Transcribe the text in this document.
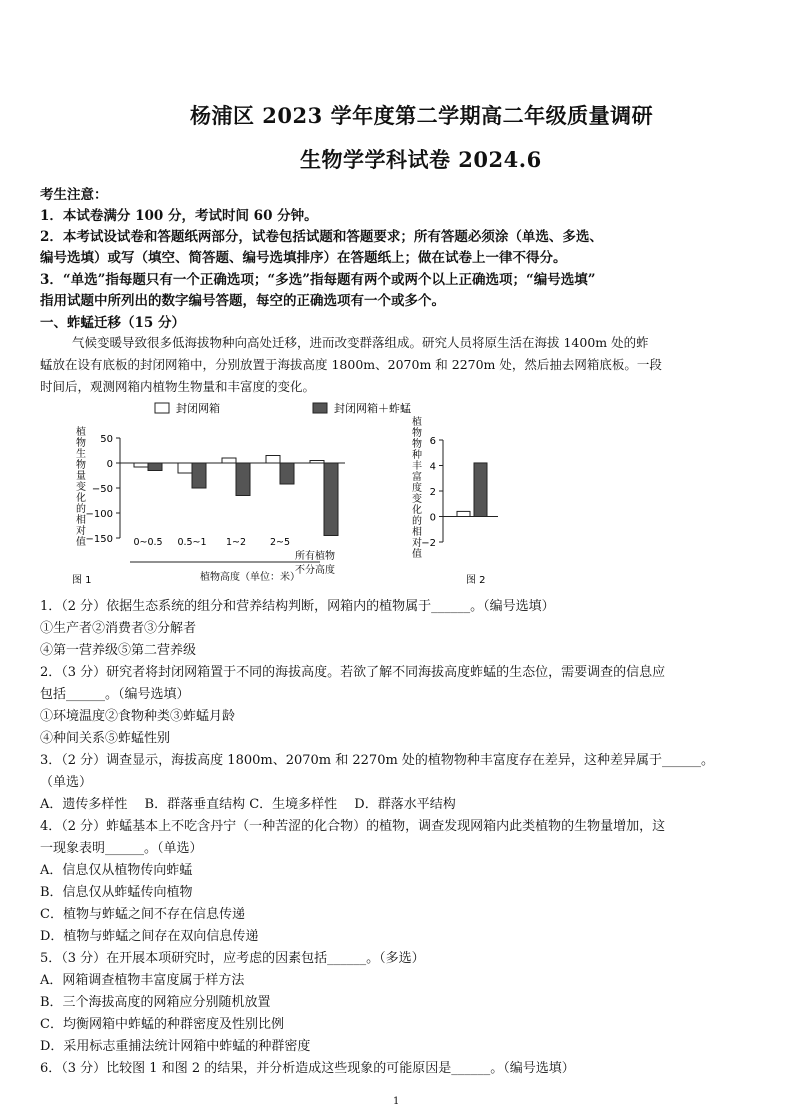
杨浦区 2023 学年度第二学期高二年级质量调研
生物学学科试卷 2024.6
考生注意：
1．本试卷满分 100 分，考试时间 60 分钟。
2．本考试设试卷和答题纸两部分，试卷包括试题和答题要求；所有答题必须涂（单选、多选、
编号选填）或写（填空、简答题、编号选填排序）在答题纸上；做在试卷上一律不得分。
3．“单选”指每题只有一个正确选项；“多选”指每题有两个或两个以上正确选项；“编号选填”
指用试题中所列出的数字编号答题，每空的正确选项有一个或多个。
一、蚱蜢迁移（15 分）
气候变暖导致很多低海拔物种向高处迁移，进而改变群落组成。研究人员将原生活在海拔 1400m 处的蚱
蜢放在设有底板的封闭网箱中，分别放置于海拔高度 1800m、2070m 和 2270m 处，然后抽去网箱底板。一段
时间后，观测网箱内植物生物量和丰富度的变化。
封闭网箱	封闭网箱＋蚱蜢
50
0
−50
−100
−150 0~0.5 0.5~1 1~2	2~5
植物生物量变化的相对值
植物高度（单位：米）
所有植物
不分高度
图 1
6
4
2
0
−2
植物物种丰富度变化的相对值
图 2
1．（2 分）依据生态系统的组分和营养结构判断，网箱内的植物属于______。（编号选填）
①生产者②消费者③分解者
④第一营养级⑤第二营养级
2．（3 分）研究者将封闭网箱置于不同的海拔高度。若欲了解不同海拔高度蚱蜢的生态位，需要调查的信息应
包括______。（编号选填）
①环境温度②食物种类③蚱蜢月龄
④种间关系⑤蚱蜢性别
3．（2 分）调查显示，海拔高度 1800m、2070m 和 2270m 处的植物物种丰富度存在差异，这种差异属于______。
（单选）
A．遗传多样性　 B．群落垂直结构 C．生境多样性　 D．群落水平结构
4．（2 分）蚱蜢基本上不吃含丹宁（一种苦涩的化合物）的植物，调查发现网箱内此类植物的生物量增加，这
一现象表明______。（单选）
A．信息仅从植物传向蚱蜢
B．信息仅从蚱蜢传向植物
C．植物与蚱蜢之间不存在信息传递
D．植物与蚱蜢之间存在双向信息传递
5．（3 分）在开展本项研究时，应考虑的因素包括______。（多选）
A．网箱调查植物丰富度属于样方法
B．三个海拔高度的网箱应分别随机放置
C．均衡网箱中蚱蜢的种群密度及性别比例
D．采用标志重捕法统计网箱中蚱蜢的种群密度
6．（3 分）比较图 1 和图 2 的结果，并分析造成这些现象的可能原因是______。（编号选填）
1
